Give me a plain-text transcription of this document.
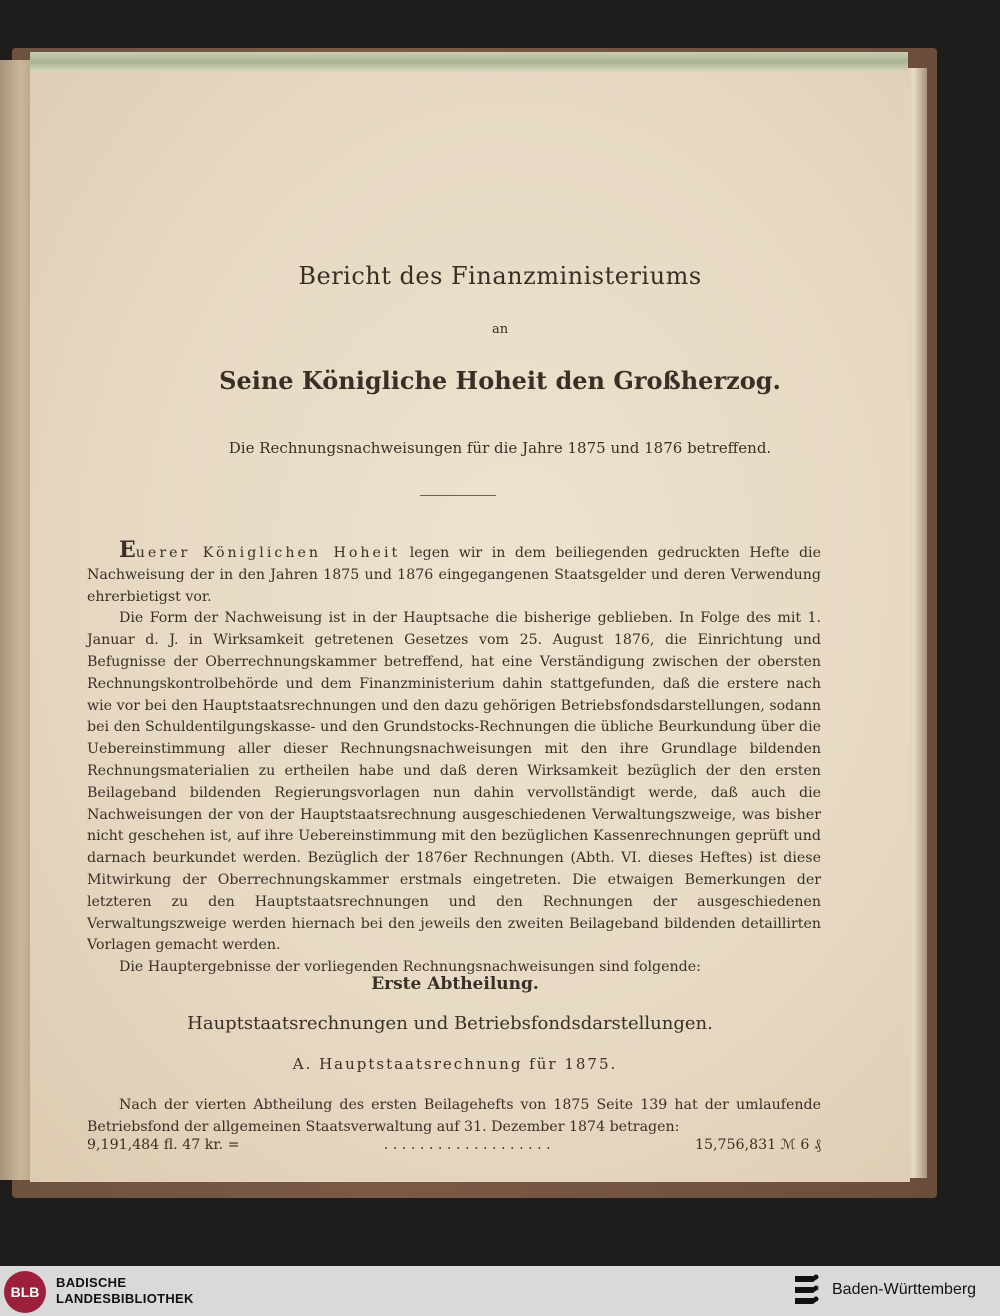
Bericht des Finanzministeriums
an
Seine Königliche Hoheit den Großherzog.
Die Rechnungsnachweisungen für die Jahre 1875 und 1876 betreffend.

Euerer Königlichen Hoheit legen wir in dem beiliegenden gedruckten Hefte die Nachweisung der in den Jahren 1875 und 1876 eingegangenen Staatsgelder und deren Verwendung ehrerbietigst vor.

Die Form der Nachweisung ist in der Hauptsache die bisherige geblieben. In Folge des mit 1. Januar d. J. in Wirksamkeit getretenen Gesetzes vom 25. August 1876, die Einrichtung und Befugnisse der Oberrechnungskammer betreffend, hat eine Verständigung zwischen der obersten Rechnungskontrolbehörde und dem Finanzministerium dahin stattgefunden, daß die erstere nach wie vor bei den Hauptstaatsrechnungen und den dazu gehörigen Betriebsfondsdarstellungen, sodann bei den Schuldentilgungskasse- und den Grundstocks-Rechnungen die übliche Beurkundung über die Uebereinstimmung aller dieser Rechnungsnachweisungen mit den ihre Grundlage bildenden Rechnungsmaterialien zu ertheilen habe und daß deren Wirksamkeit bezüglich der den ersten Beilageband bildenden Regierungsvorlagen nun dahin vervollständigt werde, daß auch die Nachweisungen der von der Hauptstaatsrechnung ausgeschiedenen Verwaltungszweige, was bisher nicht geschehen ist, auf ihre Uebereinstimmung mit den bezüglichen Kassenrechnungen geprüft und darnach beurkundet werden. Bezüglich der 1876er Rechnungen (Abth. VI. dieses Heftes) ist diese Mitwirkung der Oberrechnungskammer erstmals eingetreten. Die etwaigen Bemerkungen der letzteren zu den Hauptstaatsrechnungen und den Rechnungen der ausgeschiedenen Verwaltungszweige werden hiernach bei den jeweils den zweiten Beilageband bildenden detaillirten Vorlagen gemacht werden.

Die Hauptergebnisse der vorliegenden Rechnungsnachweisungen sind folgende:

Erste Abtheilung.
Hauptstaatsrechnungen und Betriebsfondsdarstellungen.
A. Hauptstaatsrechnung für 1875.

Nach der vierten Abtheilung des ersten Beilagehefts von 1875 Seite 139 hat der umlaufende Betriebsfond der allgemeinen Staatsverwaltung auf 31. Dezember 1874 betragen:

9,191,484 fl. 47 kr. =	. . . . . . . . . . . . . . . . . . .	15,756,831 ℳ 6 ₰
BLB
BADISCHE
LANDESBIBLIOTHEK
Baden-Württemberg
